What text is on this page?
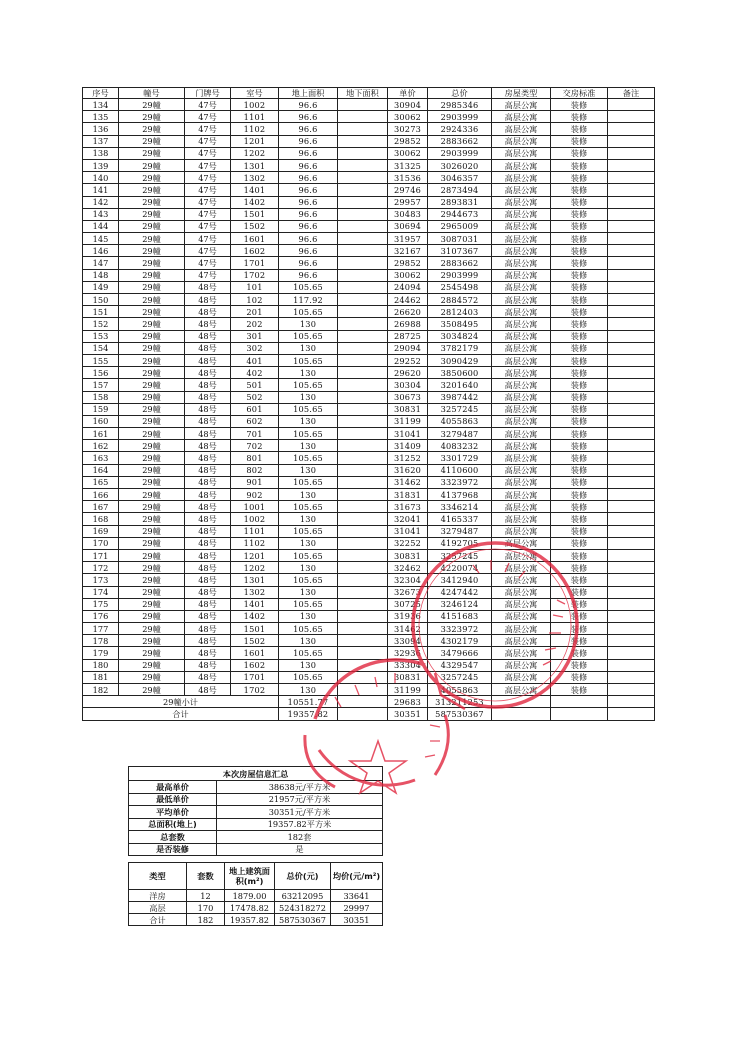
序号	幢号	门牌号	室号	地上面积	地下面积	单价	总价	房屋类型	交房标准	备注
134	29幢	47号	1002	96.6		30904	2985346	高层公寓	装修	
135	29幢	47号	1101	96.6		30062	2903999	高层公寓	装修	
136	29幢	47号	1102	96.6		30273	2924336	高层公寓	装修	
137	29幢	47号	1201	96.6		29852	2883662	高层公寓	装修	
138	29幢	47号	1202	96.6		30062	2903999	高层公寓	装修	
139	29幢	47号	1301	96.6		31325	3026020	高层公寓	装修	
140	29幢	47号	1302	96.6		31536	3046357	高层公寓	装修	
141	29幢	47号	1401	96.6		29746	2873494	高层公寓	装修	
142	29幢	47号	1402	96.6		29957	2893831	高层公寓	装修	
143	29幢	47号	1501	96.6		30483	2944673	高层公寓	装修	
144	29幢	47号	1502	96.6		30694	2965009	高层公寓	装修	
145	29幢	47号	1601	96.6		31957	3087031	高层公寓	装修	
146	29幢	47号	1602	96.6		32167	3107367	高层公寓	装修	
147	29幢	47号	1701	96.6		29852	2883662	高层公寓	装修	
148	29幢	47号	1702	96.6		30062	2903999	高层公寓	装修	
149	29幢	48号	101	105.65		24094	2545498	高层公寓	装修	
150	29幢	48号	102	117.92		24462	2884572	高层公寓	装修	
151	29幢	48号	201	105.65		26620	2812403	高层公寓	装修	
152	29幢	48号	202	130		26988	3508495	高层公寓	装修	
153	29幢	48号	301	105.65		28725	3034824	高层公寓	装修	
154	29幢	48号	302	130		29094	3782179	高层公寓	装修	
155	29幢	48号	401	105.65		29252	3090429	高层公寓	装修	
156	29幢	48号	402	130		29620	3850600	高层公寓	装修	
157	29幢	48号	501	105.65		30304	3201640	高层公寓	装修	
158	29幢	48号	502	130		30673	3987442	高层公寓	装修	
159	29幢	48号	601	105.65		30831	3257245	高层公寓	装修	
160	29幢	48号	602	130		31199	4055863	高层公寓	装修	
161	29幢	48号	701	105.65		31041	3279487	高层公寓	装修	
162	29幢	48号	702	130		31409	4083232	高层公寓	装修	
163	29幢	48号	801	105.65		31252	3301729	高层公寓	装修	
164	29幢	48号	802	130		31620	4110600	高层公寓	装修	
165	29幢	48号	901	105.65		31462	3323972	高层公寓	装修	
166	29幢	48号	902	130		31831	4137968	高层公寓	装修	
167	29幢	48号	1001	105.65		31673	3346214	高层公寓	装修	
168	29幢	48号	1002	130		32041	4165337	高层公寓	装修	
169	29幢	48号	1101	105.65		31041	3279487	高层公寓	装修	
170	29幢	48号	1102	130		32252	4192705	高层公寓	装修	
171	29幢	48号	1201	105.65		30831	3257245	高层公寓	装修	
172	29幢	48号	1202	130		32462	4220074	高层公寓	装修	
173	29幢	48号	1301	105.65		32304	3412940	高层公寓	装修	
174	29幢	48号	1302	130		32673	4247442	高层公寓	装修	
175	29幢	48号	1401	105.65		30725	3246124	高层公寓	装修	
176	29幢	48号	1402	130		31936	4151683	高层公寓	装修	
177	29幢	48号	1501	105.65		31462	3323972	高层公寓	装修	
178	29幢	48号	1502	130		33094	4302179	高层公寓	装修	
179	29幢	48号	1601	105.65		32936	3479666	高层公寓	装修	
180	29幢	48号	1602	130		33304	4329547	高层公寓	装修	
181	29幢	48号	1701	105.65		30831	3257245	高层公寓	装修	
182	29幢	48号	1702	130		31199	4055863	高层公寓	装修	
29幢小计				10551.77		29683	313211253			
合计				19357.82		30351	587530367			
本次房屋信息汇总	
最高单价	38638元/平方米
最低单价	21957元/平方米
平均单价	30351元/平方米
总面积(地上)	19357.82平方米
总套数	182套
是否装修	是
类型	套数	地上建筑面积(m²)	总价(元)	均价(元/m²)
洋房	12	1879.00	63212095	33641
高层	170	17478.82	524318272	29997
合计	182	19357.82	587530367	30351
